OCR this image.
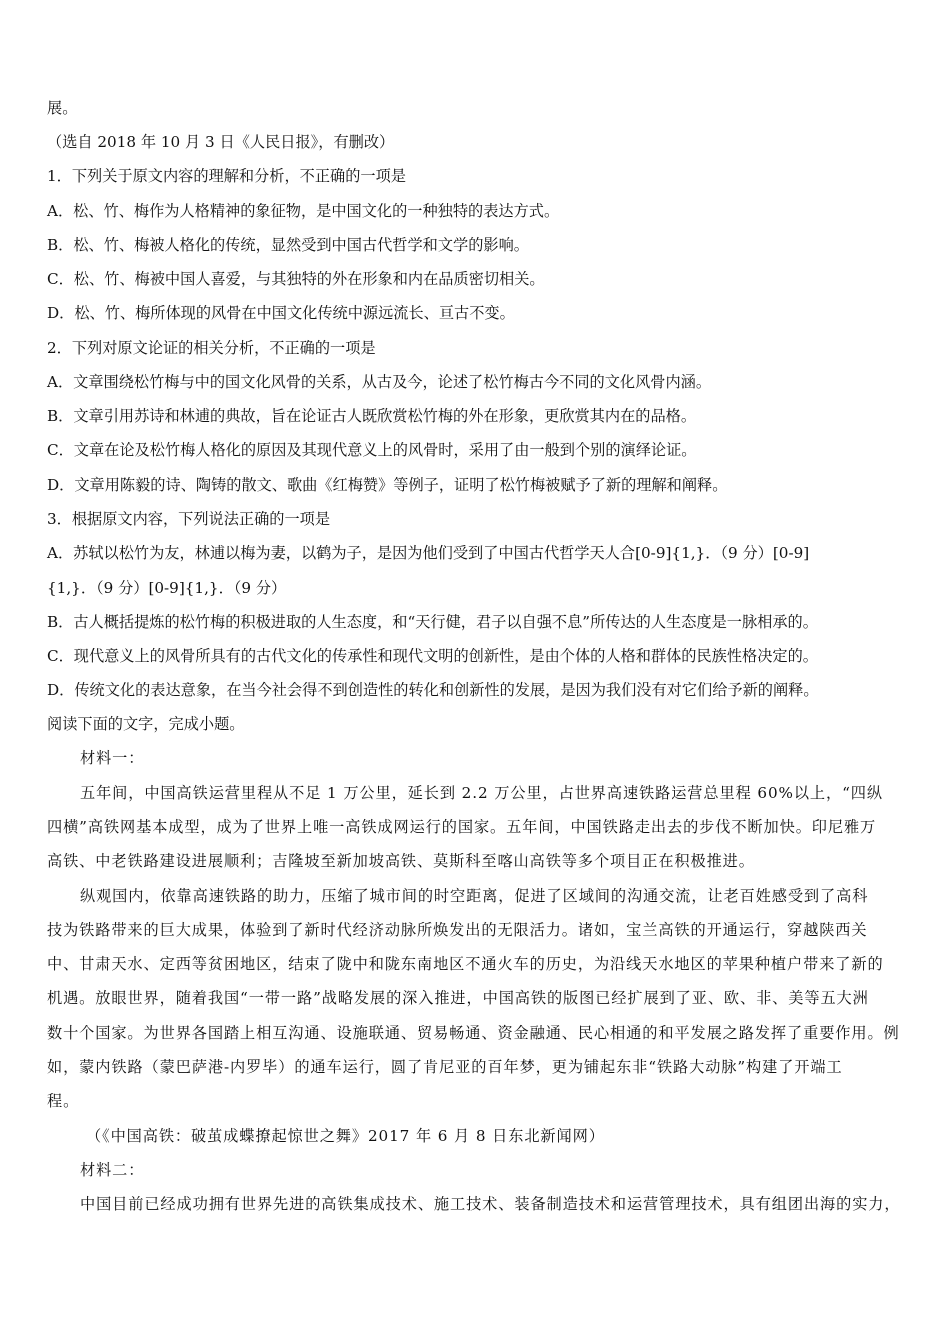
展。
（选自 2018 年 10 月 3 日《人民日报》，有删改）
1．下列关于原文内容的理解和分析，不正确的一项是
A．松、竹、梅作为人格精神的象征物，是中国文化的一种独特的表达方式。
B．松、竹、梅被人格化的传统，显然受到中国古代哲学和文学的影响。
C．松、竹、梅被中国人喜爱，与其独特的外在形象和内在品质密切相关。
D．松、竹、梅所体现的风骨在中国文化传统中源远流长、亘古不变。
2．下列对原文论证的相关分析，不正确的一项是
A．文章围绕松竹梅与中的国文化风骨的关系，从古及今，论述了松竹梅古今不同的文化风骨内涵。
B．文章引用苏诗和林逋的典故，旨在论证古人既欣赏松竹梅的外在形象，更欣赏其内在的品格。
C．文章在论及松竹梅人格化的原因及其现代意义上的风骨时，采用了由一般到个别的演绎论证。
D．文章用陈毅的诗、陶铸的散文、歌曲《红梅赞》等例子，证明了松竹梅被赋予了新的理解和阐释。
3．根据原文内容，下列说法正确的一项是
A．苏轼以松竹为友，林逋以梅为妻，以鹤为子，是因为他们受到了中国古代哲学天人合[0-9]{1,}．（9 分）[0-9]
{1,}．（9 分）[0-9]{1,}．（9 分）
B．古人概括提炼的松竹梅的积极进取的人生态度，和“天行健，君子以自强不息”所传达的人生态度是一脉相承的。
C．现代意义上的风骨所具有的古代文化的传承性和现代文明的创新性，是由个体的人格和群体的民族性格决定的。
D．传统文化的表达意象，在当今社会得不到创造性的转化和创新性的发展，是因为我们没有对它们给予新的阐释。
阅读下面的文字，完成小题。
材料一：
五年间，中国高铁运营里程从不足 1 万公里，延长到 2.2 万公里，占世界高速铁路运营总里程 60%以上，“四纵
四横”高铁网基本成型，成为了世界上唯一高铁成网运行的国家。五年间，中国铁路走出去的步伐不断加快。印尼雅万
高铁、中老铁路建设进展顺利；吉隆坡至新加坡高铁、莫斯科至喀山高铁等多个项目正在积极推进。
纵观国内，依靠高速铁路的助力，压缩了城市间的时空距离，促进了区域间的沟通交流，让老百姓感受到了高科
技为铁路带来的巨大成果，体验到了新时代经济动脉所焕发出的无限活力。诸如，宝兰高铁的开通运行，穿越陕西关
中、甘肃天水、定西等贫困地区，结束了陇中和陇东南地区不通火车的历史，为沿线天水地区的苹果种植户带来了新的
机遇。放眼世界，随着我国“一带一路”战略发展的深入推进，中国高铁的版图已经扩展到了亚、欧、非、美等五大洲
数十个国家。为世界各国踏上相互沟通、设施联通、贸易畅通、资金融通、民心相通的和平发展之路发挥了重要作用。例
如，蒙内铁路（蒙巴萨港-内罗毕）的通车运行，圆了肯尼亚的百年梦，更为铺起东非“铁路大动脉”构建了开端工
程。
（《中国高铁：破茧成蝶撩起惊世之舞》2017 年 6 月 8 日东北新闻网）
材料二：
中国目前已经成功拥有世界先进的高铁集成技术、施工技术、装备制造技术和运营管理技术，具有组团出海的实力，
